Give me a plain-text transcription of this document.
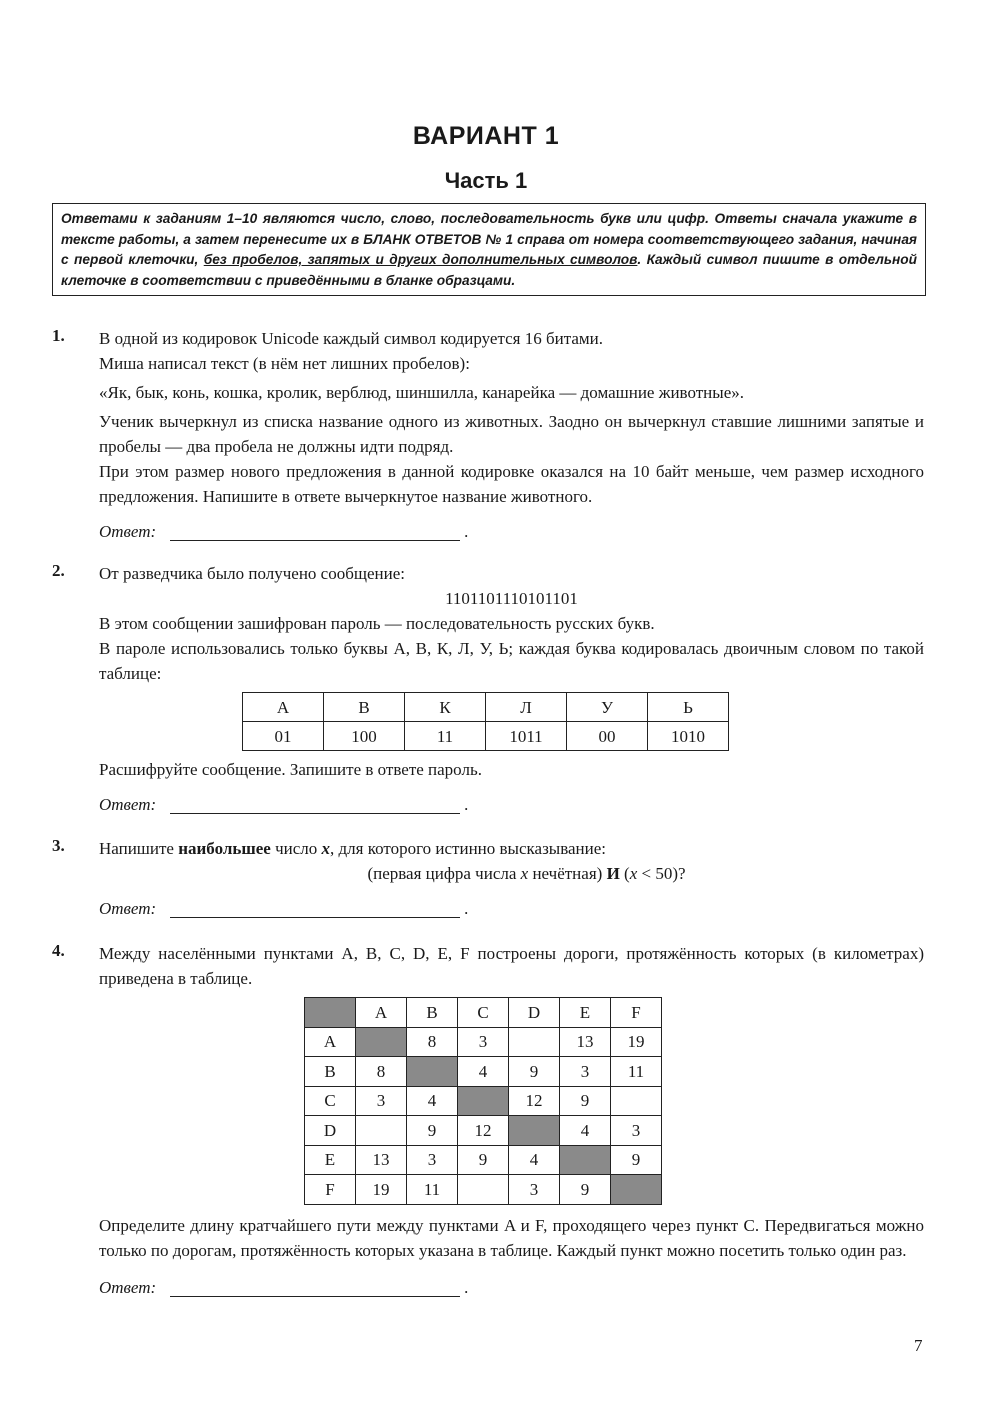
ВАРИАНТ 1
Часть 1
Ответами к заданиям 1–10 являются число, слово, последовательность букв или цифр. Ответы сначала укажите в тексте работы, а затем перенесите их в БЛАНК ОТВЕТОВ № 1 справа от номера соответствующего задания, начиная с первой клеточки, без пробелов, запятых и других дополнительных символов. Каждый символ пишите в отдельной клеточке в соответствии с приведёнными в бланке образцами.
1. В одной из кодировок Unicode каждый символ кодируется 16 битами.

Миша написал текст (в нём нет лишних пробелов):

«Як, бык, конь, кошка, кролик, верблюд, шиншилла, канарейка — домашние животные».

Ученик вычеркнул из списка название одного из животных. Заодно он вычеркнул ставшие лишними запятые и пробелы — два пробела не должны идти подряд.

При этом размер нового предложения в данной кодировке оказался на 10 байт меньше, чем размер исходного предложения. Напишите в ответе вычеркнутое название животного.

Ответ:	.
2. От разведчика было получено сообщение:

1101101110101101

В этом сообщении зашифрован пароль — последовательность русских букв.

В пароле использовались только буквы А, В, К, Л, У, Ь; каждая буква кодировалась двоичным словом по такой таблице:

А	В	К	Л	У	Ь
01	100	11	1011	00	1010

Расшифруйте сообщение. Запишите в ответе пароль.

Ответ:	.
3. Напишите наибольшее число x, для которого истинно высказывание:

(первая цифра числа x нечётная) И (x < 50)?

Ответ:	.
4. Между населёнными пунктами A, B, C, D, E, F построены дороги, протяжённость которых (в километрах) приведена в таблице.

	A	B	C	D	E	F
A		8	3		13	19
B	8		4	9	3	11
C	3	4		12	9	
D		9	12		4	3
E	13	3	9	4		9
F	19	11		3	9	

Определите длину кратчайшего пути между пунктами A и F, проходящего через пункт C. Передвигаться можно только по дорогам, протяжённость которых указана в таблице. Каждый пункт можно посетить только один раз.

Ответ:	.
7
